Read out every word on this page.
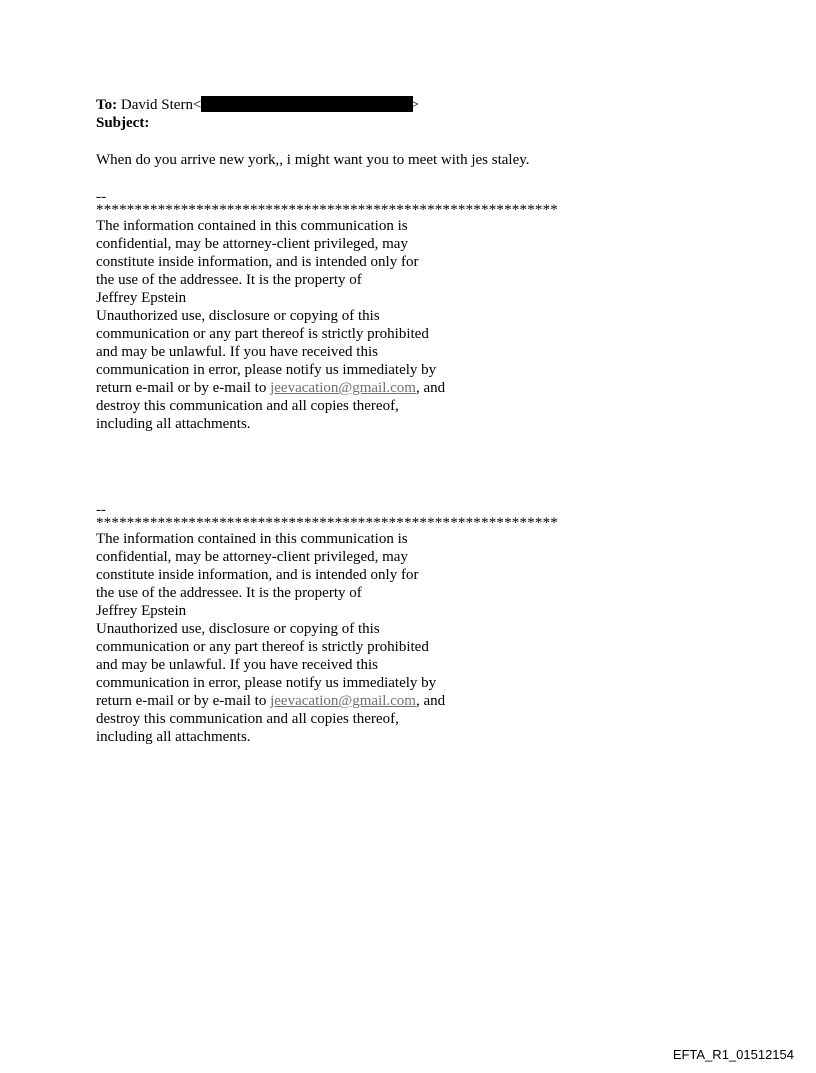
To: David Stern<	>
Subject:
When do you arrive new york,, i might want you to meet with jes staley.
--
************************************************************
The information contained in this communication is
confidential, may be attorney-client privileged, may
constitute inside information, and is intended only for
the use of the addressee. It is the property of
Jeffrey Epstein
Unauthorized use, disclosure or copying of this
communication or any part thereof is strictly prohibited
and may be unlawful. If you have received this
communication in error, please notify us immediately by
return e-mail or by e-mail to jeevacation@gmail.com, and
destroy this communication and all copies thereof,
including all attachments.
--
************************************************************
The information contained in this communication is
confidential, may be attorney-client privileged, may
constitute inside information, and is intended only for
the use of the addressee. It is the property of
Jeffrey Epstein
Unauthorized use, disclosure or copying of this
communication or any part thereof is strictly prohibited
and may be unlawful. If you have received this
communication in error, please notify us immediately by
return e-mail or by e-mail to jeevacation@gmail.com, and
destroy this communication and all copies thereof,
including all attachments.
EFTA_R1_01512154
